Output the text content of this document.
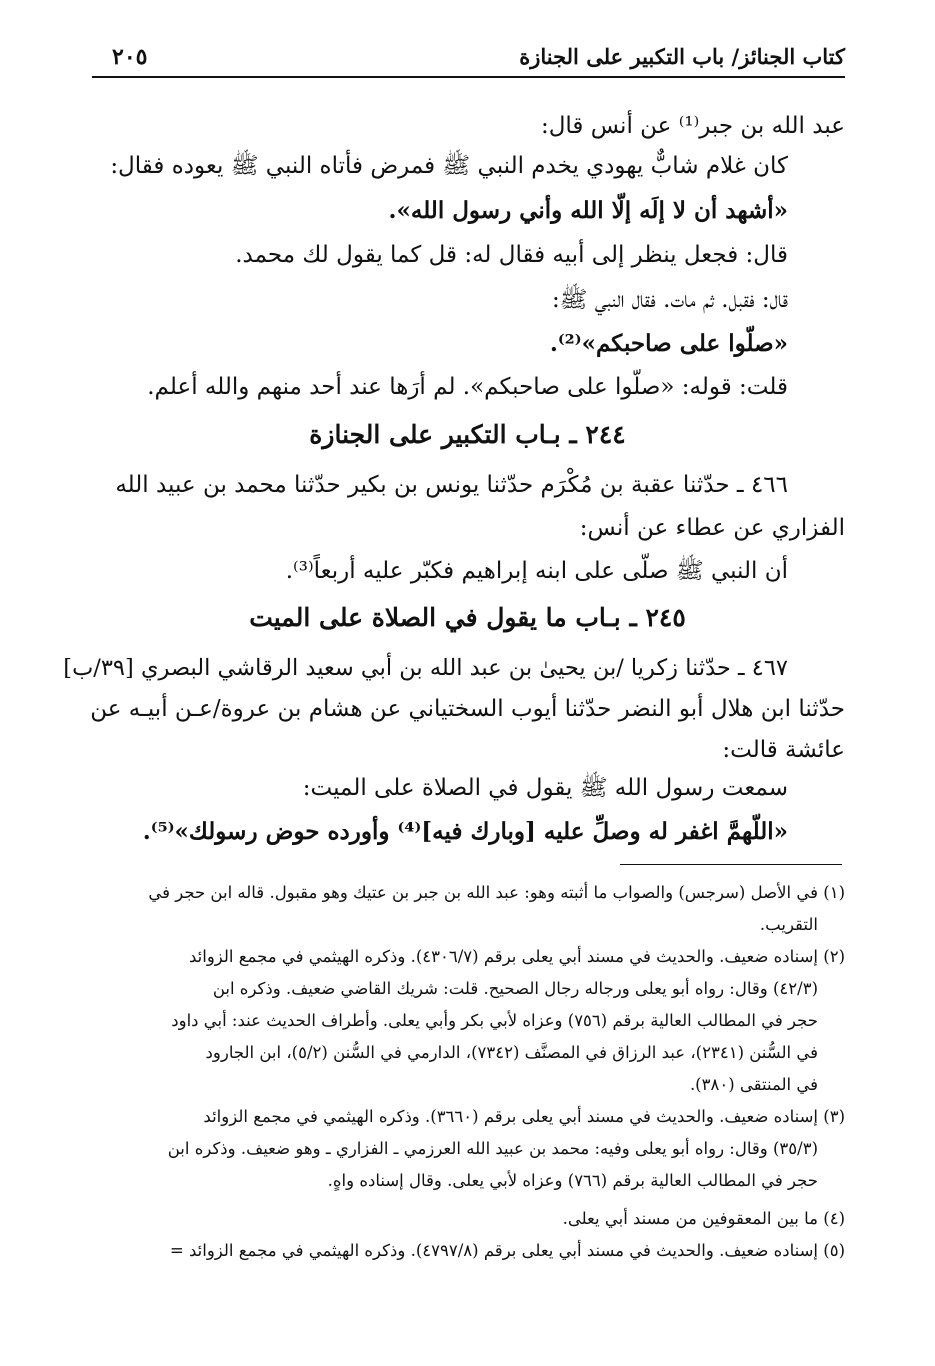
كتاب الجنائز/ باب التكبير على الجنازة
٢٠٥
عبد الله بن جبر⁽¹⁾ عن أنس قال:
كان غلام شابٌّ يهودي يخدم النبي ﷺ فمرض فأتاه النبي ﷺ يعوده فقال:
«أشهد أن لا إلَه إلّا الله وأني رسول الله».
قال: فجعل ينظر إلى أبيه فقال له: قل كما يقول لك محمد.
قال: فقبل. ثم مات. فقال النبي ﷺ:
«صلّوا على صاحبكم»⁽²⁾.
قلت: قوله: «صلّوا على صاحبكم». لم أرَها عند أحد منهم والله أعلم.
٢٤٤ ـ بـاب التكبير على الجنازة
٤٦٦ ـ حدّثنا عقبة بن مُكْرَم حدّثنا يونس بن بكير حدّثنا محمد بن عبيد الله
الفزاري عن عطاء عن أنس:
أن النبي ﷺ صلّى على ابنه إبراهيم فكبّر عليه أربعاً⁽³⁾.
٢٤٥ ـ بـاب ما يقول في الصلاة على الميت
٤٦٧ ـ حدّثنا زكريا /بن يحيىٰ بن عبد الله بن أبي سعيد الرقاشي البصري [٣٩/ب]
حدّثنا ابن هلال أبو النضر حدّثنا أيوب السختياني عن هشام بن عروة/عـن أبيـه عن
عائشة قالت:
سمعت رسول الله ﷺ يقول في الصلاة على الميت:
«اللّهمَّ اغفر له وصلِّ عليه [وبارك فيه]⁽⁴⁾ وأورده حوض رسولك»⁽⁵⁾.
(١) في الأصل (سرجس) والصواب ما أثبته وهو: عبد الله بن جبر بن عتيك وهو مقبول. قاله ابن حجر في
التقريب.
(٢) إسناده ضعيف. والحديث في مسند أبي يعلى برقم (٤٣٠٦/٧). وذكره الهيثمي في مجمع الزوائد
(٤٢/٣) وقال: رواه أبو يعلى ورجاله رجال الصحيح. قلت: شريك القاضي ضعيف. وذكره ابن
حجر في المطالب العالية برقم (٧٥٦) وعزاه لأبي بكر وأبي يعلى. وأطراف الحديث عند: أبي داود
في السُّنن (٢٣٤١)، عبد الرزاق في المصنَّف (٧٣٤٢)، الدارمي في السُّنن (٥/٢)، ابن الجارود
في المنتقى (٣٨٠).
(٣) إسناده ضعيف. والحديث في مسند أبي يعلى برقم (٣٦٦٠). وذكره الهيثمي في مجمع الزوائد
(٣٥/٣) وقال: رواه أبو يعلى وفيه: محمد بن عبيد الله العرزمي ـ الفزاري ـ وهو ضعيف. وذكره ابن
حجر في المطالب العالية برقم (٧٦٦) وعزاه لأبي يعلى. وقال إسناده واهٍ.
(٤) ما بين المعقوفين من مسند أبي يعلى.
(٥) إسناده ضعيف. والحديث في مسند أبي يعلى برقم (٤٧٩٧/٨). وذكره الهيثمي في مجمع الزوائد =
